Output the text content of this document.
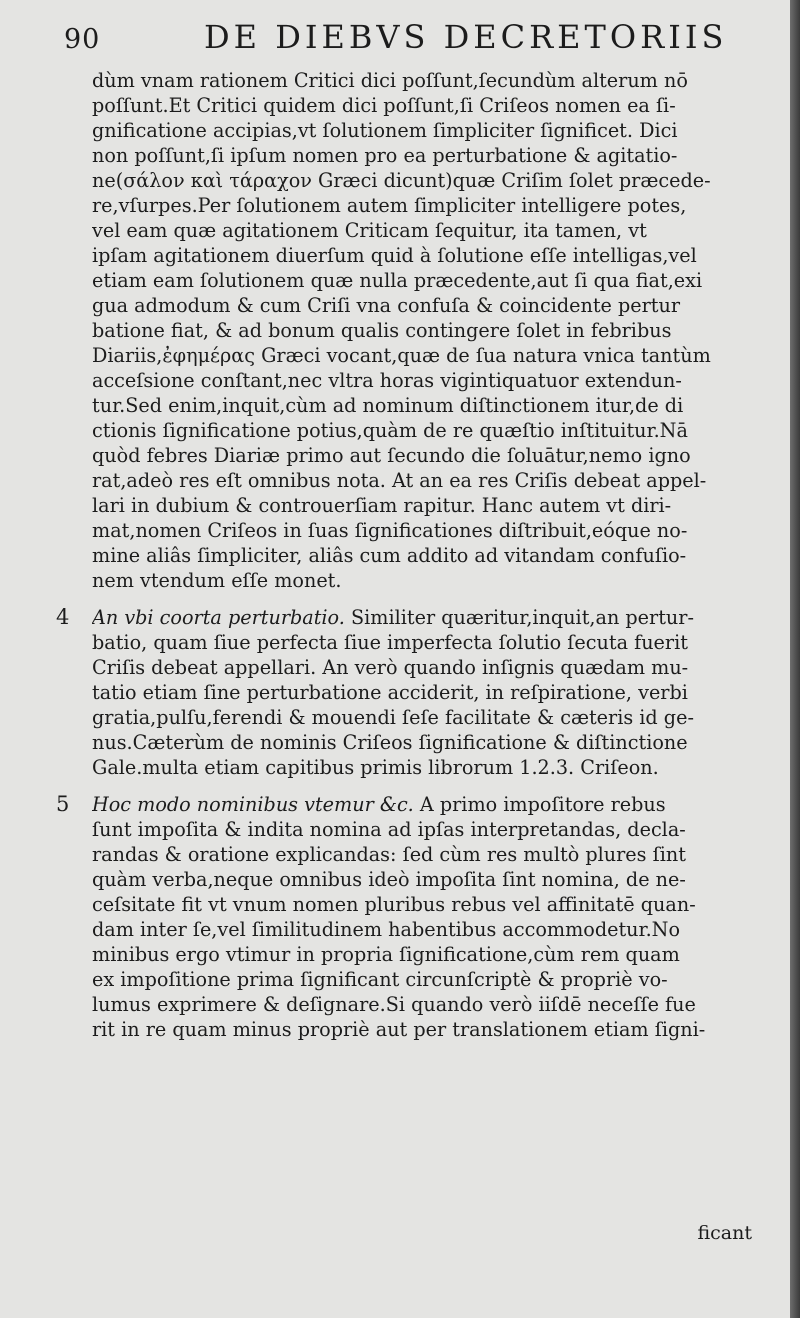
90	DE DIEBVS DECRETORIIS
dùm vnam rationem Critici dici poſſunt,ſecundùm alterum nō
poſſunt.Et Critici quidem dici poſſunt,ſi Criſeos nomen ea ſi-
gnificatione accipias,vt ſolutionem ſimpliciter ſignificet. Dici
non poſſunt,ſi ipſum nomen pro ea perturbatione & agitatio-
ne(σάλον καὶ τάραχον Græci dicunt)quæ Criſim ſolet præcede-
re,vſurpes.Per ſolutionem autem ſimpliciter intelligere potes,
vel eam quæ agitationem Criticam ſequitur, ita tamen, vt
ipſam agitationem diuerſum quid à ſolutione eſſe intelligas,vel
etiam eam ſolutionem quæ nulla præcedente,aut ſi qua fiat,exi
gua admodum & cum Criſi vna confuſa & coincidente pertur
batione fiat, & ad bonum qualis contingere ſolet in febribus
Diariis,ἐφημέρας Græci vocant,quæ de ſua natura vnica tantùm
acceſsione conſtant,nec vltra horas vigintiquatuor extendun-
tur.Sed enim,inquit,cùm ad nominum diſtinctionem itur,de di
ctionis ſignificatione potius,quàm de re quæſtio inſtituitur.Nā
quòd febres Diariæ primo aut ſecundo die ſoluātur,nemo igno
rat,adeò res eſt omnibus nota. At an ea res Criſis debeat appel-
lari in dubium & controuerſiam rapitur. Hanc autem vt diri-
mat,nomen Criſeos in ſuas ſignificationes diſtribuit,eóque no-
mine aliâs ſimpliciter, aliâs cum addito ad vitandam confuſio-
nem vtendum eſſe monet.
4 An vbi coorta perturbatio. Similiter quæritur,inquit,an pertur-
batio, quam ſiue perfecta ſiue imperfecta ſolutio ſecuta fuerit
Criſis debeat appellari. An verò quando inſignis quædam mu-
tatio etiam ſine perturbatione acciderit, in reſpiratione, verbi
gratia,pulſu,ferendi & mouendi ſeſe facilitate & cæteris id ge-
nus.Cæterùm de nominis Criſeos ſignificatione & diſtinctione
Gale.multa etiam capitibus primis librorum 1.2.3. Criſeon.
5 Hoc modo nominibus vtemur &c. A primo impoſitore rebus
ſunt impoſita & indita nomina ad ipſas interpretandas, decla-
randas & oratione explicandas: ſed cùm res multò plures ſint
quàm verba,neque omnibus ideò impoſita ſint nomina, de ne-
ceſsitate fit vt vnum nomen pluribus rebus vel affinitatē quan-
dam inter ſe,vel ſimilitudinem habentibus accommodetur.No
minibus ergo vtimur in propria ſignificatione,cùm rem quam
ex impoſitione prima ſignificant circunſcriptè & propriè vo-
lumus exprimere & deſignare.Si quando verò iiſdē neceſſe fue
rit in re quam minus propriè aut per translationem etiam ſigni-
ficant
